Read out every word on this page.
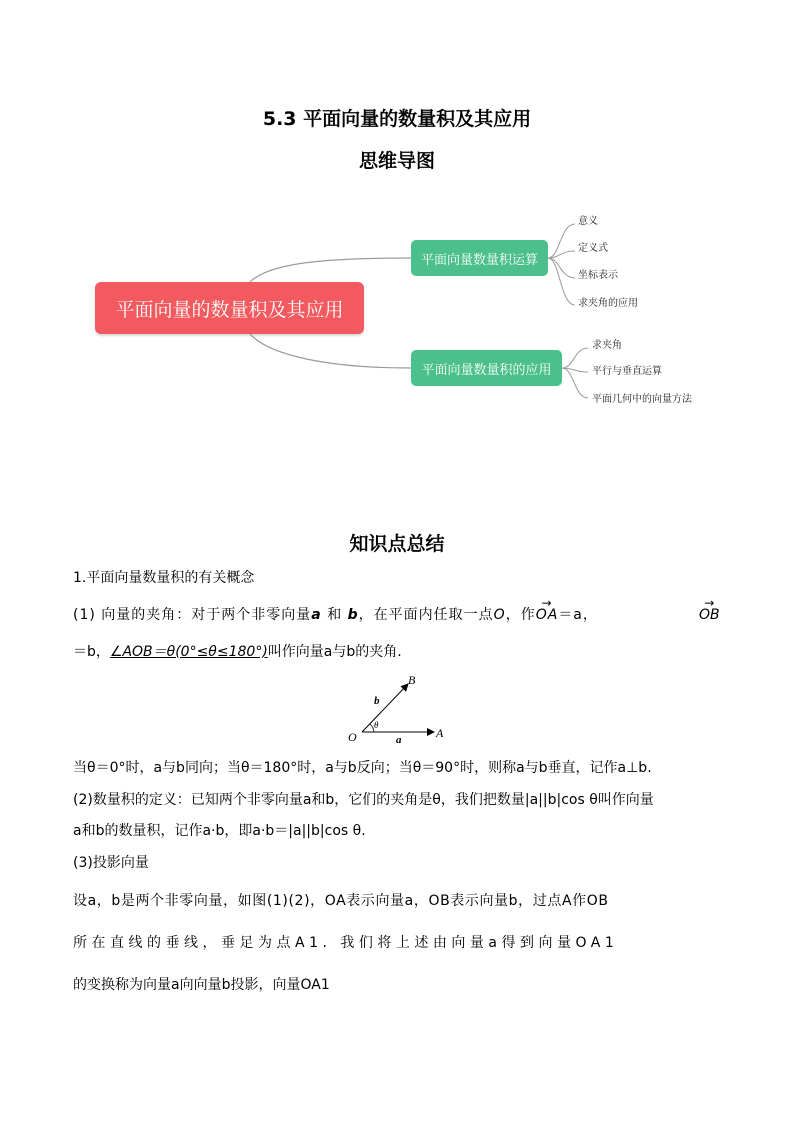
5.3 平面向量的数量积及其应用
思维导图
平面向量的数量积及其应用
平面向量数量积运算
平面向量数量积的应用
意义
定义式
坐标表示
求夹角的应用
求夹角
平行与垂直运算
平面几何中的向量方法
知识点总结
1.平面向量数量积的有关概念
(1) 向量的夹角：对于两个非零向量a 和 b，在平面内任取一点O，作→ OA＝a，
→	OB
＝b，∠AOB＝θ(0°≤θ≤180°)叫作向量a与b的夹角.
O	A
B
a
b
θ
当θ＝0°时，a与b同向；当θ＝180°时，a与b反向；当θ＝90°时，则称a与b垂直，记作a⊥b.
(2)数量积的定义：已知两个非零向量a和b，它们的夹角是θ，我们把数量|a||b|cos θ叫作向量
a和b的数量积，记作a·b，即a·b＝|a||b|cos θ.
(3)投影向量
设a，b是两个非零向量，如图(1)(2)，OA表示向量a，OB表示向量b，过点A作OB
所在直线的垂线，垂足为点A1. 我们将上述由向量a得到向量OA1
的变换称为向量a向向量b投影，向量OA1
